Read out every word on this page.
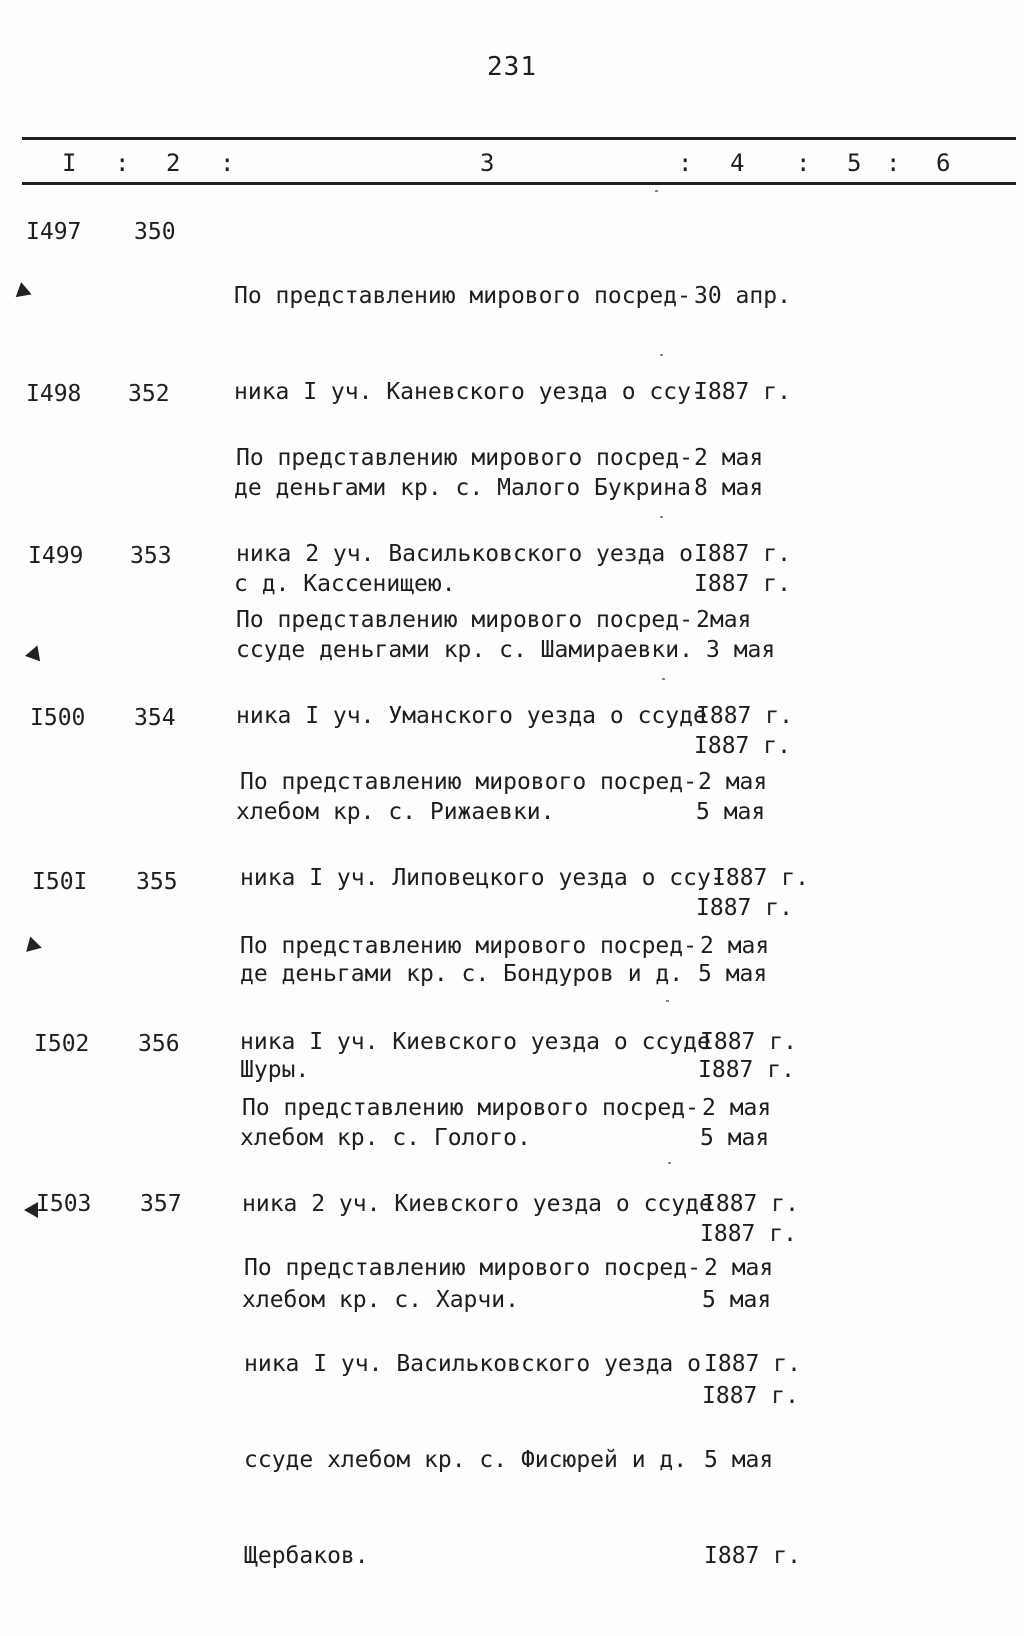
231
I : 2 :	3	: 4 : 5 : 6
I497 350

По представлению мирового посред-

ника I уч. Каневского уезда о ссу-

де деньгами кр. с. Малого Букрина

с д. Кассенищею.

30 апр.

I887 г.

8 мая

I887 г.

I498 352

По представлению мирового посред-

ника 2 уч. Васильковского уезда о

ссуде деньгами кр. с. Шамираевки.

2 мая

I887 г.

3 мая

I887 г.

I499 353

По представлению мирового посред-

ника I уч. Уманского уезда о ссуде

хлебом кр. с. Рижаевки.

2мая

I887 г.

5 мая

I887 г.

I500 354

По представлению мирового посред-

ника I уч. Липовецкого уезда о ссу-

де деньгами кр. с. Бондуров и д.

Шуры.

2 мая

I887 г.

5 мая

I887 г.

I50I 355

По представлению мирового посред-

ника I уч. Киевского уезда о ссуде

хлебом кр. с. Гологo.

2 мая

I887 г.

5 мая

I887 г.

I502 356

По представлению мирового посред-

ника 2 уч. Киевского уезда о ссуде

хлебом кр. с. Харчи.

2 мая

I887 г.

5 мая

I887 г.

I503 357

По представлению мирового посред-

ника I уч. Васильковского уезда о

ссуде хлебом кр. с. Фисюрей и д.

Щербаков.

2 мая

I887 г.

5 мая

I887 г.
